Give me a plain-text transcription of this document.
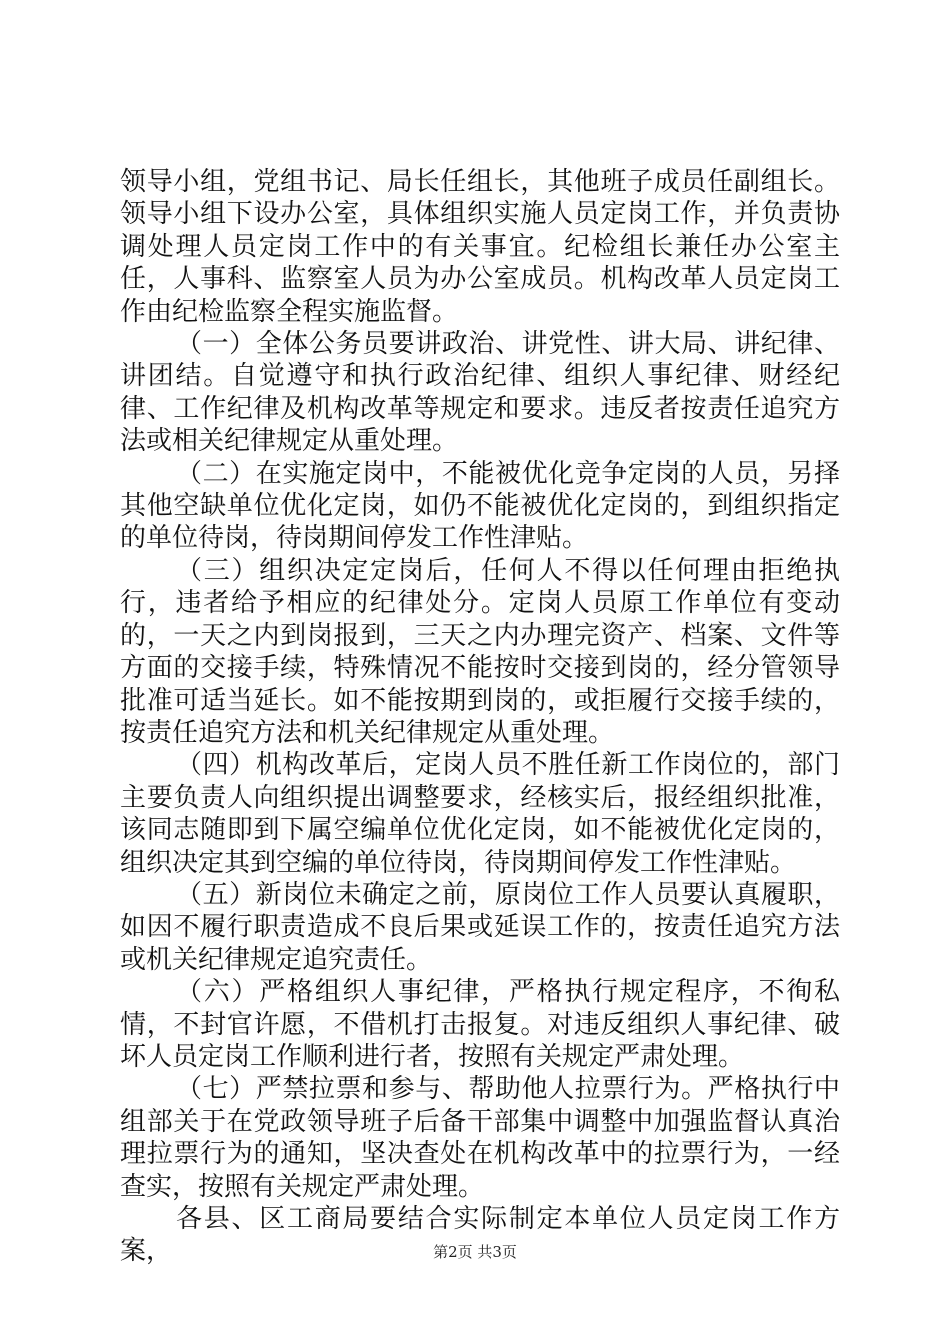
领导小组，党组书记、局长任组长，其他班子成员任副组长。领导小组下设办公室，具体组织实施人员定岗工作，并负责协调处理人员定岗工作中的有关事宜。纪检组长兼任办公室主任，人事科、监察室人员为办公室成员。机构改革人员定岗工作由纪检监察全程实施监督。

（一）全体公务员要讲政治、讲党性、讲大局、讲纪律、讲团结。自觉遵守和执行政治纪律、组织人事纪律、财经纪律、工作纪律及机构改革等规定和要求。违反者按责任追究方法或相关纪律规定从重处理。

（二）在实施定岗中，不能被优化竞争定岗的人员，另择其他空缺单位优化定岗，如仍不能被优化定岗的，到组织指定的单位待岗，待岗期间停发工作性津贴。

（三）组织决定定岗后，任何人不得以任何理由拒绝执行，违者给予相应的纪律处分。定岗人员原工作单位有变动的，一天之内到岗报到，三天之内办理完资产、档案、文件等方面的交接手续，特殊情况不能按时交接到岗的，经分管领导批准可适当延长。如不能按期到岗的，或拒履行交接手续的，按责任追究方法和机关纪律规定从重处理。

（四）机构改革后，定岗人员不胜任新工作岗位的，部门主要负责人向组织提出调整要求，经核实后，报经组织批准，该同志随即到下属空编单位优化定岗，如不能被优化定岗的，组织决定其到空编的单位待岗，待岗期间停发工作性津贴。

（五）新岗位未确定之前，原岗位工作人员要认真履职，如因不履行职责造成不良后果或延误工作的，按责任追究方法或机关纪律规定追究责任。

（六）严格组织人事纪律，严格执行规定程序，不徇私情，不封官许愿，不借机打击报复。对违反组织人事纪律、破坏人员定岗工作顺利进行者，按照有关规定严肃处理。

（七）严禁拉票和参与、帮助他人拉票行为。严格执行中组部关于在党政领导班子后备干部集中调整中加强监督认真治理拉票行为的通知，坚决查处在机构改革中的拉票行为，一经查实，按照有关规定严肃处理。

各县、区工商局要结合实际制定本单位人员定岗工作方案，	第2页 共3页
